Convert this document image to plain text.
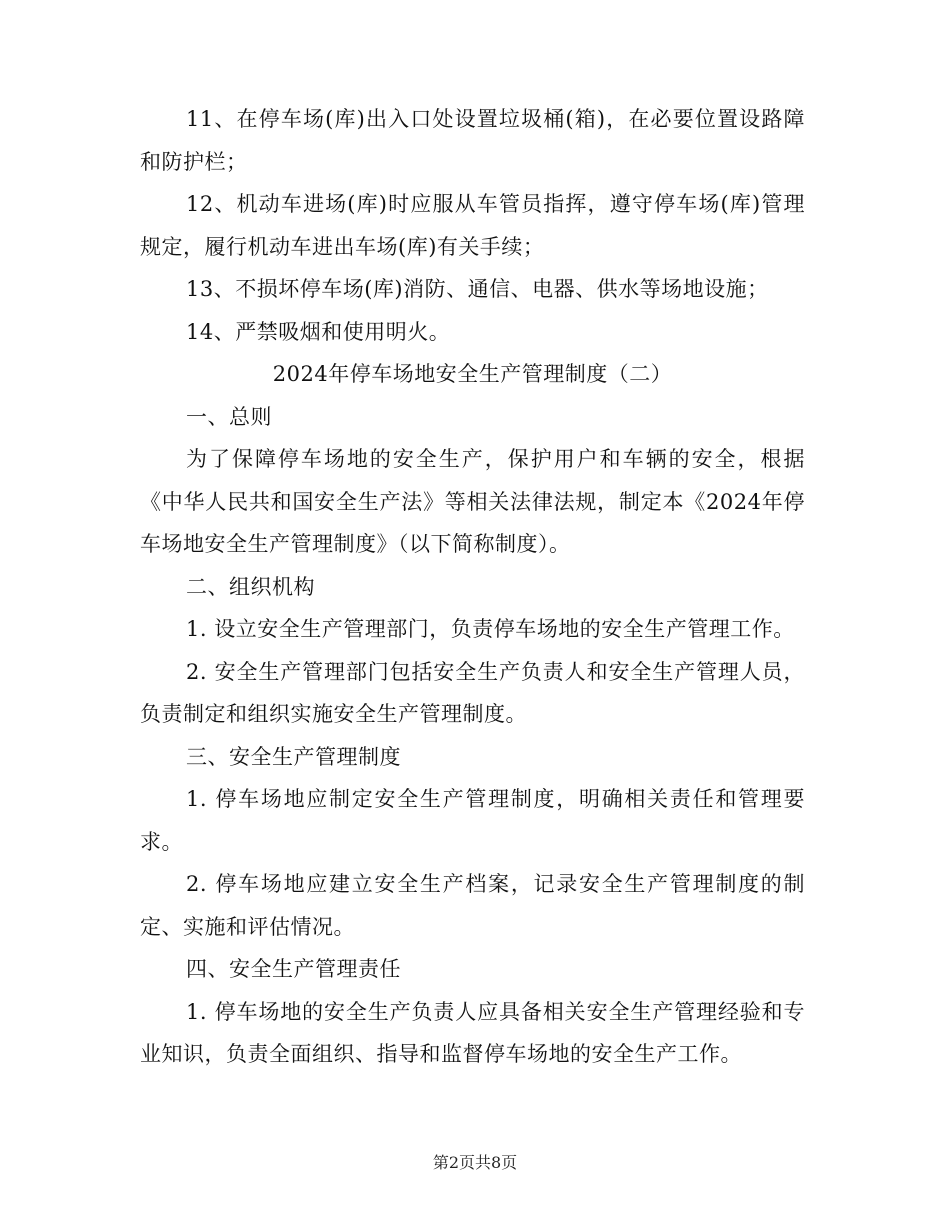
11、在停车场(库)出入口处设置垃圾桶(箱)，在必要位置设路障和防护栏；

12、机动车进场(库)时应服从车管员指挥，遵守停车场(库)管理规定，履行机动车进出车场(库)有关手续；

13、不损坏停车场(库)消防、通信、电器、供水等场地设施；

14、严禁吸烟和使用明火。

2024年停车场地安全生产管理制度（二）

一、总则

为了保障停车场地的安全生产，保护用户和车辆的安全，根据《中华人民共和国安全生产法》等相关法律法规，制定本《2024年停车场地安全生产管理制度》（以下简称制度）。

二、组织机构

1. 设立安全生产管理部门，负责停车场地的安全生产管理工作。

2. 安全生产管理部门包括安全生产负责人和安全生产管理人员，负责制定和组织实施安全生产管理制度。

三、安全生产管理制度

1. 停车场地应制定安全生产管理制度，明确相关责任和管理要求。

2. 停车场地应建立安全生产档案，记录安全生产管理制度的制定、实施和评估情况。

四、安全生产管理责任

1. 停车场地的安全生产负责人应具备相关安全生产管理经验和专业知识，负责全面组织、指导和监督停车场地的安全生产工作。

第2页共8页
